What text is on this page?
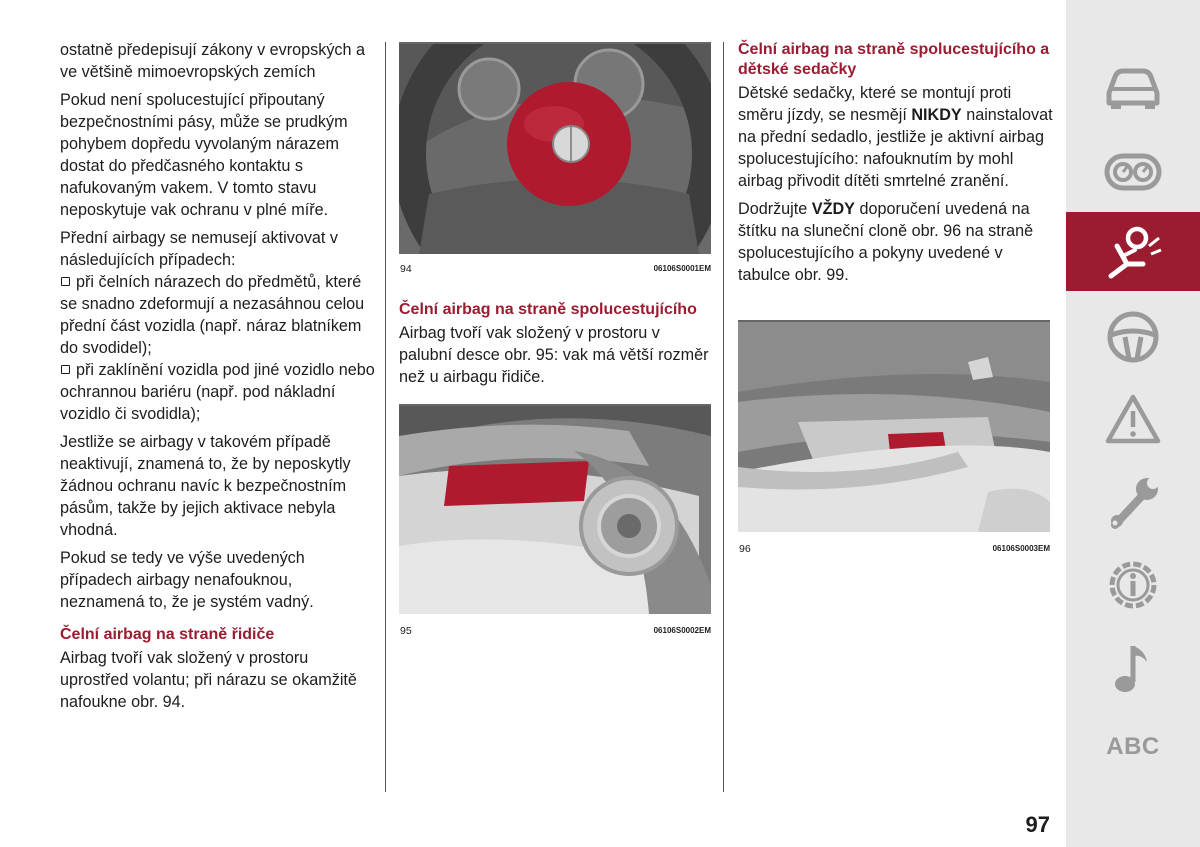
ostatně předepisují zákony v evropských a ve většině mimoevropských zemích

Pokud není spolucestující připoutaný bezpečnostními pásy, může se prudkým pohybem dopředu vyvolaným nárazem dostat do předčasného kontaktu s nafukovaným vakem. V tomto stavu neposkytuje vak ochranu v plné míře.

Přední airbagy se nemusejí aktivovat v následujících případech:

při čelních nárazech do předmětů, které se snadno zdeformují a nezasáhnou celou přední část vozidla (např. náraz blatníkem do svodidel);

při zaklínění vozidla pod jiné vozidlo nebo ochrannou bariéru (např. pod nákladní vozidlo či svodidla);

Jestliže se airbagy v takovém případě neaktivují, znamená to, že by neposkytly žádnou ochranu navíc k bezpečnostním pásům, takže by jejich aktivace nebyla vhodná.

Pokud se tedy ve výše uvedených případech airbagy nenafouknou, neznamená to, že je systém vadný.

Čelní airbag na straně řidiče

Airbag tvoří vak složený v prostoru uprostřed volantu; při nárazu se okamžitě nafoukne obr. 94.

94	06106S0001EM

Čelní airbag na straně spolucestujícího

Airbag tvoří vak složený v prostoru v palubní desce obr. 95: vak má větší rozměr než u airbagu řidiče.

95	06106S0002EM

Čelní airbag na straně spolucestujícího a dětské sedačky

Dětské sedačky, které se montují proti směru jízdy, se nesmějí NIKDY nainstalovat na přední sedadlo, jestliže je aktivní airbag spolucestujícího: nafouknutím by mohl airbag přivodit dítěti smrtelné zranění.

Dodržujte VŽDY doporučení uvedená na štítku na sluneční cloně obr. 96 na straně spolucestujícího a pokyny uvedené v tabulce obr. 99.

96	06106S0003EM
97
ABC
